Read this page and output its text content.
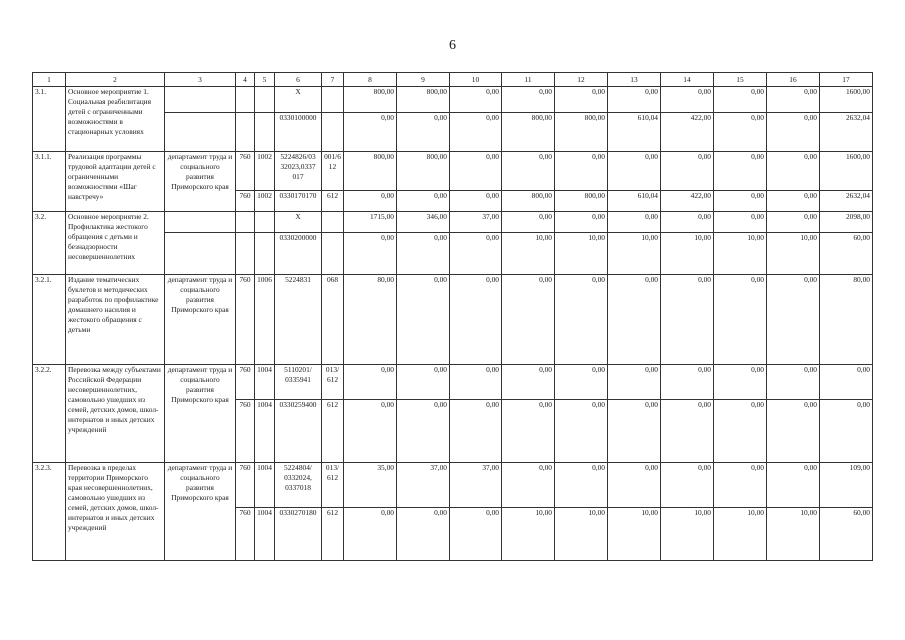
6
1	2	3	4	5	6	7	8	9	10	11	12	13	14	15	16	17
3.1.	Основное мероприятие 1. Социальная реабилитация детей с ограниченными возможностями в стационарных условиях				X		800,00	800,00	0,00	0,00	0,00	0,00	0,00	0,00	0,00	1600,00
					0330100000		0,00	0,00	0,00	800,00	800,00	610,04	422,00	0,00	0,00	2632,04
3.1.1.	Реализация программы трудовой адаптации детей с ограниченными возможностями «Шаг навстречу»	департамент труда и социального развития Приморского края	760	1002	5224826/03 32023,0337 017	001/6 12	800,00	800,00	0,00	0,00	0,00	0,00	0,00	0,00	0,00	1600,00
			760	1002	0330170170	612	0,00	0,00	0,00	800,00	800,00	610,04	422,00	0,00	0,00	2632,04
3.2.	Основное мероприятие 2. Профилактика жестокого обращения с детьми и безнадзорности несовершеннолетних				X		1715,00	346,00	37,00	0,00	0,00	0,00	0,00	0,00	0,00	2098,00
					0330200000		0,00	0,00	0,00	10,00	10,00	10,00	10,00	10,00	10,00	60,00
3.2.1.	Издание тематических буклетов и методических разработок по профилактике домашнего насилия и жестокого обращения с детьми	департамент труда и социального развития Приморского края	760	1006	5224831	068	80,00	0,00	0,00	0,00	0,00	0,00	0,00	0,00	0,00	80,00
3.2.2.	Перевозка между субъектами Российской Федерации несовершеннолетних, самовольно ушедших из семей, детских домов, школ-интернатов и иных детских учреждений	департамент труда и социального развития Приморского края	760	1004	5110201/ 0335941	013/ 612	0,00	0,00	0,00	0,00	0,00	0,00	0,00	0,00	0,00	0,00
			760	1004	0330259400	612	0,00	0,00	0,00	0,00	0,00	0,00	0,00	0,00	0,00	0,00
3.2.3.	Перевозка в пределах территории Приморского края несовершеннолетних, самовольно ушедших из семей, детских домов, школ-интернатов и иных детских учреждений	департамент труда и социального развития Приморского края	760	1004	5224804/ 0332024, 0337018	013/ 612	35,00	37,00	37,00	0,00	0,00	0,00	0,00	0,00	0,00	109,00
			760	1004	0330270180	612	0,00	0,00	0,00	10,00	10,00	10,00	10,00	10,00	10,00	60,00
